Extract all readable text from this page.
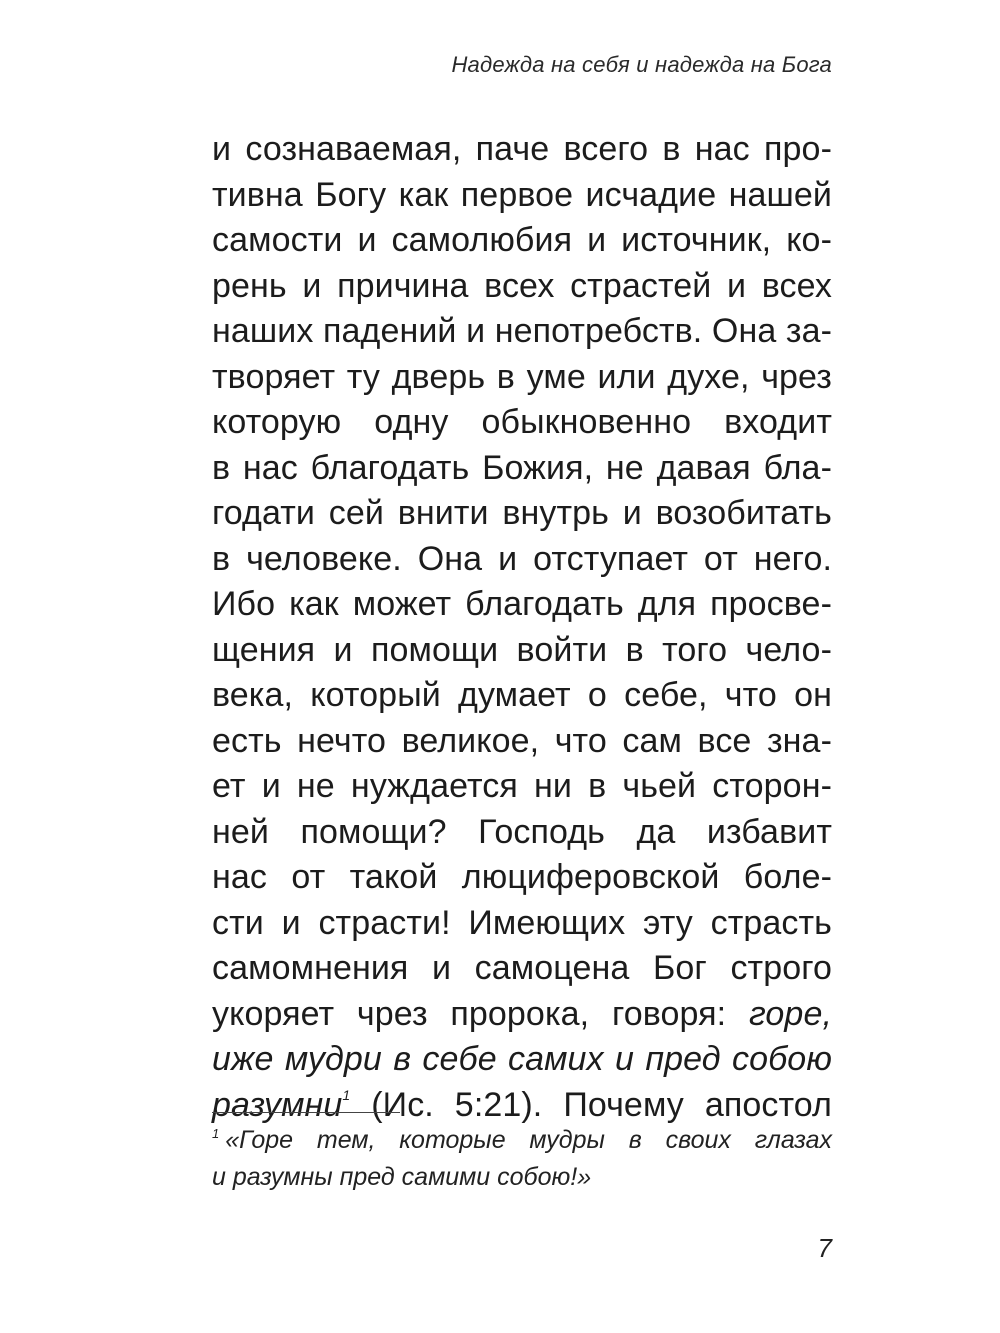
Надежда на себя и надежда на Бога
и сознаваемая, паче всего в нас про-
тивна Богу как первое исчадие нашей
самости и самолюбия и источник, ко-
рень и причина всех страстей и всех
наших падений и непотребств. Она за-
творяет ту дверь в уме или духе, чрез
которую одну обыкновенно входит
в нас благодать Божия, не давая бла-
годати сей внити внутрь и возобитать
в человеке. Она и отступает от него.
Ибо как может благодать для просве-
щения и помощи войти в того чело-
века, который думает о себе, что он
есть нечто великое, что сам все зна-
ет и не нуждается ни в чьей сторон-
ней помощи? Господь да избавит
нас от такой люциферовской боле-
сти и страсти! Имеющих эту страсть
самомнения и самоцена Бог строго
укоряет чрез пророка, говоря: горе,
иже мудри в себе самих и пред собою
разумни$^1$ (Ис. 5:21). Почему апостол
$^1$ «Горе тем, которые мудры в своих глазах
и разумны пред самими собою!»
7
